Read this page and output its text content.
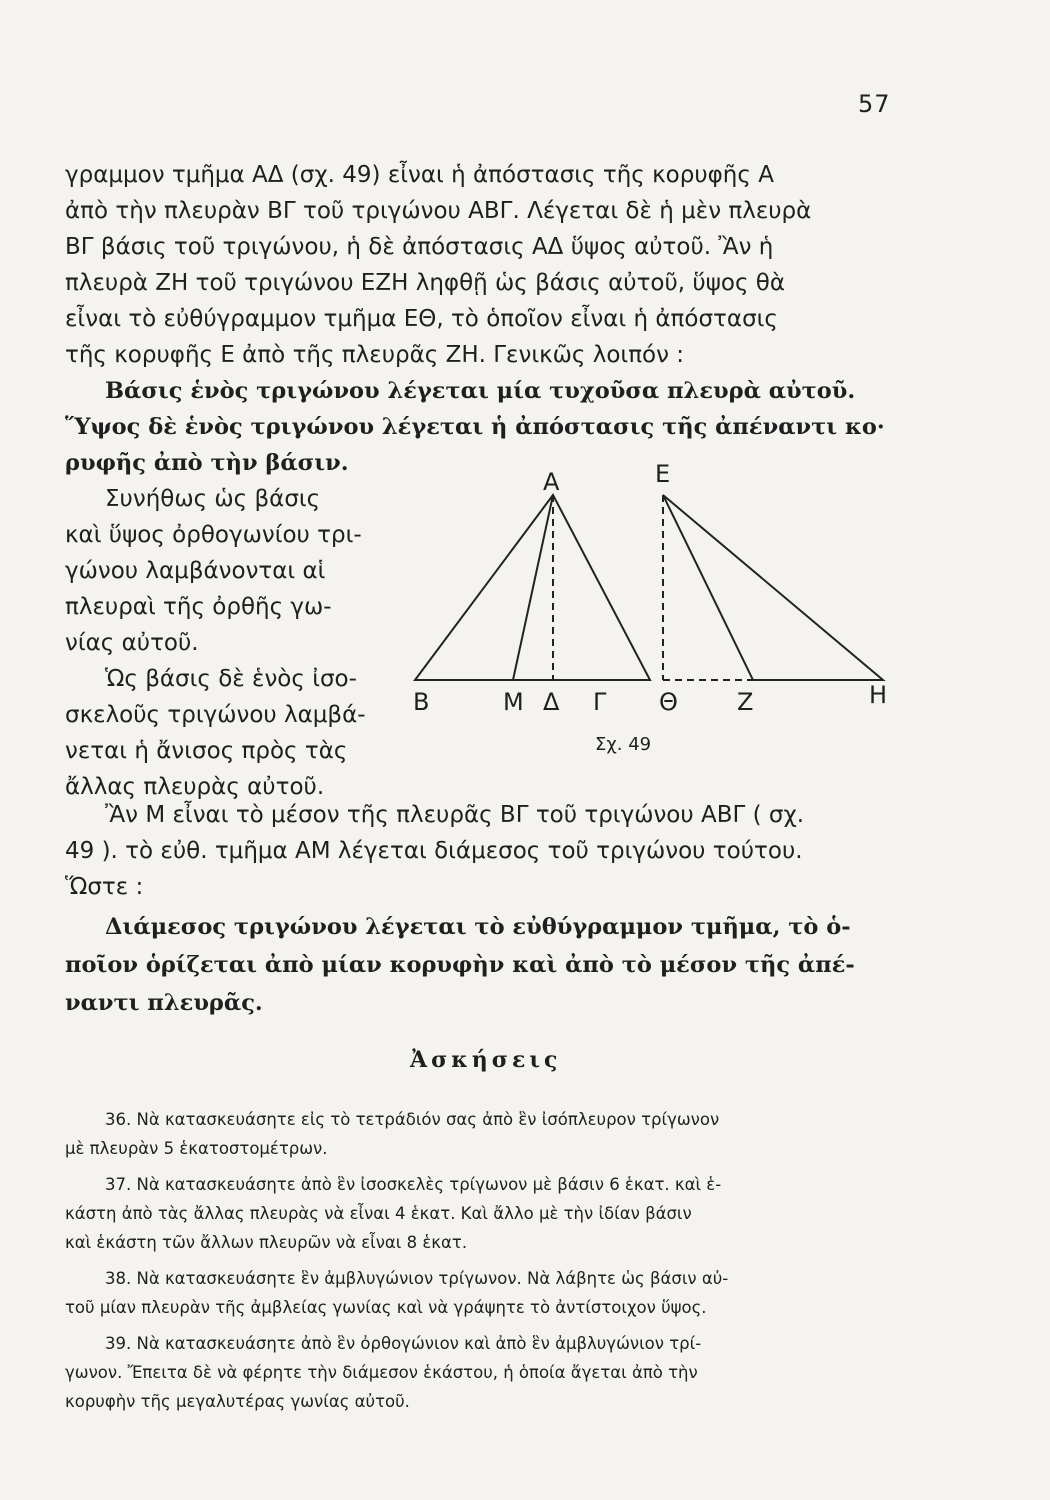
57
γραμμον τμῆμα ΑΔ (σχ. 49) εἶναι ἡ ἀπόστασις τῆς κορυφῆς Α
ἀπὸ τὴν πλευρὰν ΒΓ τοῦ τριγώνου ΑΒΓ. Λέγεται δὲ ἡ μὲν πλευρὰ
ΒΓ βάσις τοῦ τριγώνου, ἡ δὲ ἀπόστασις ΑΔ ὕψος αὐτοῦ. Ἂν ἡ
πλευρὰ ΖΗ τοῦ τριγώνου ΕΖΗ ληφθῇ ὡς βάσις αὐτοῦ, ὕψος θὰ
εἶναι τὸ εὐθύγραμμον τμῆμα ΕΘ, τὸ ὁποῖον εἶναι ἡ ἀπόστασις
τῆς κορυφῆς Ε ἀπὸ τῆς πλευρᾶς ΖΗ. Γενικῶς λοιπόν :
Βάσις ἑνὸς τριγώνου λέγεται μία τυχοῦσα πλευρὰ αὐτοῦ.
Ὕψος δὲ ἑνὸς τριγώνου λέγεται ἡ ἀπόστασις τῆς ἀπέναντι κο·
ρυφῆς ἀπὸ τὴν βάσιν.
Συνήθως ὡς βάσις
καὶ ὕψος ὀρθογωνίου τρι-
γώνου λαμβάνονται αἱ
πλευραὶ τῆς ὀρθῆς γω-
νίας αὐτοῦ.
Ὡς βάσις δὲ ἑνὸς ἰσο-
σκελοῦς τριγώνου λαμβά-
νεται ἡ ἄνισος πρὸς τὰς
ἄλλας πλευρὰς αὐτοῦ.
Α	Ε
Β	Μ Δ Γ Θ Ζ	Η
Σχ. 49
Ἂν Μ εἶναι τὸ μέσον τῆς πλευρᾶς ΒΓ τοῦ τριγώνου ΑΒΓ ( σχ.
49 ). τὸ εὐθ. τμῆμα ΑΜ λέγεται διάμεσος τοῦ τριγώνου τούτου.
Ὥστε :
Διάμεσος τριγώνου λέγεται τὸ εὐθύγραμμον τμῆμα, τὸ ὁ-
ποῖον ὁρίζεται ἀπὸ μίαν κορυφὴν καὶ ἀπὸ τὸ μέσον τῆς ἀπέ-
ναντι πλευρᾶς.
Ἀσκήσεις
36. Νὰ κατασκευάσητε εἰς τὸ τετράδιόν σας ἀπὸ ἓν ἰσόπλευρον τρίγωνον
μὲ πλευρὰν 5 ἑκατοστομέτρων.
37. Νὰ κατασκευάσητε ἀπὸ ἓν ἰσοσκελὲς τρίγωνον μὲ βάσιν 6 ἑκατ. καὶ ἑ-
κάστη ἀπὸ τὰς ἄλλας πλευρὰς νὰ εἶναι 4 ἑκατ. Καὶ ἄλλο μὲ τὴν ἰδίαν βάσιν
καὶ ἑκάστη τῶν ἄλλων πλευρῶν νὰ εἶναι 8 ἑκατ.
38. Νὰ κατασκευάσητε ἓν ἀμβλυγώνιον τρίγωνον. Νὰ λάβητε ὡς βάσιν αὐ-
τοῦ μίαν πλευρὰν τῆς ἀμβλείας γωνίας καὶ νὰ γράψητε τὸ ἀντίστοιχον ὕψος.
39. Νὰ κατασκευάσητε ἀπὸ ἓν ὀρθογώνιον καὶ ἀπὸ ἓν ἀμβλυγώνιον τρί-
γωνον. Ἔπειτα δὲ νὰ φέρητε τὴν διάμεσον ἑκάστου, ἡ ὁποία ἄγεται ἀπὸ τὴν
κορυφὴν τῆς μεγαλυτέρας γωνίας αὐτοῦ.
